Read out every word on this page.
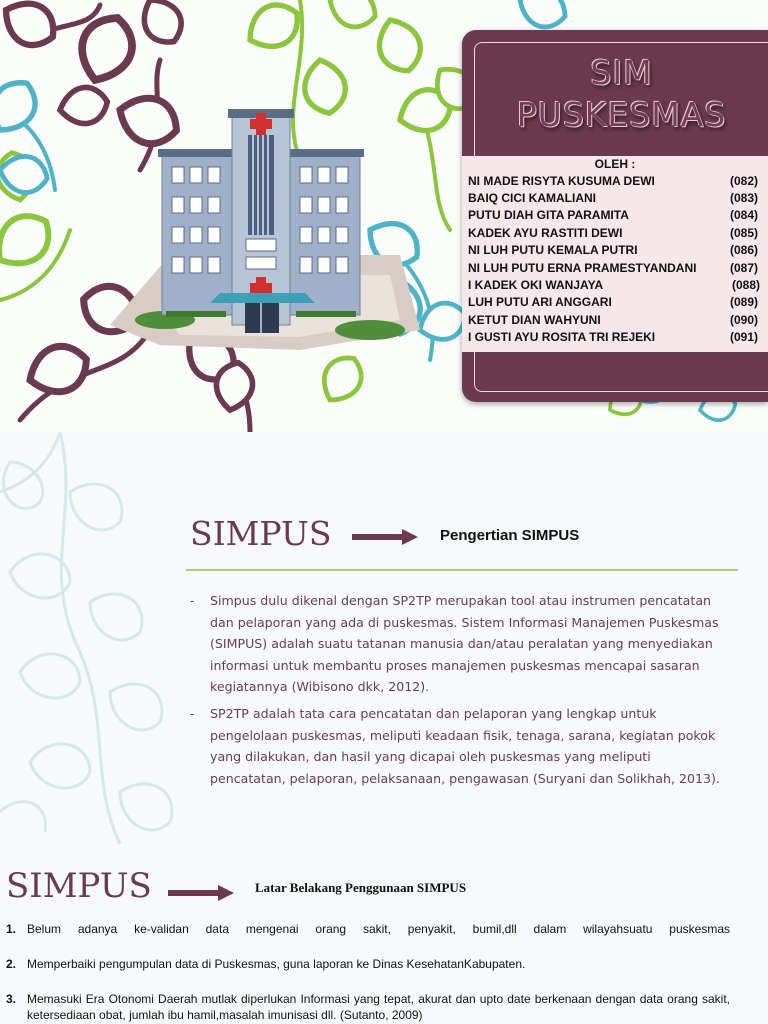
SIM
PUSKESMAS
OLEH :
NI MADE RISYTA KUSUMA DEWI	(082)
BAIQ CICI KAMALIANI	(083)
PUTU DIAH GITA PARAMITA	(084)
KADEK AYU RASTITI DEWI	(085)
NI LUH PUTU KEMALA PUTRI	(086)
NI LUH PUTU ERNA PRAMESTYANDANI	(087)
I KADEK OKI WANJAYA	(088)
LUH PUTU ARI ANGGARI	(089)
KETUT DIAN WAHYUNI	(090)
I GUSTI AYU ROSITA TRI REJEKI	(091)
SIMPUS	Pengertian SIMPUS
- Simpus dulu dikenal dengan SP2TP merupakan tool atau instrumen pencatatan dan pelaporan yang ada di puskesmas. Sistem Informasi Manajemen Puskesmas (SIMPUS) adalah suatu tatanan manusia dan/atau peralatan yang menyediakan informasi untuk membantu proses manajemen puskesmas mencapai sasaran kegiatannya (Wibisono dkk, 2012).
- SP2TP adalah tata cara pencatatan dan pelaporan yang lengkap untuk pengelolaan puskesmas, meliputi keadaan fisik, tenaga, sarana, kegiatan pokok yang dilakukan, dan hasil yang dicapai oleh puskesmas yang meliputi pencatatan, pelaporan, pelaksanaan, pengawasan (Suryani dan Solikhah, 2013).
SIMPUS	Latar Belakang Penggunaan SIMPUS
1. Belum adanya ke-validan data mengenai orang sakit, penyakit, bumil,dll dalam wilayahsuatu puskesmas
2. Memperbaiki pengumpulan data di Puskesmas, guna laporan ke Dinas KesehatanKabupaten.
3. Memasuki Era Otonomi Daerah mutlak diperlukan Informasi yang tepat, akurat dan upto date berkenaan dengan data orang sakit, ketersediaan obat, jumlah ibu hamil,masalah imunisasi dll. (Sutanto, 2009)
